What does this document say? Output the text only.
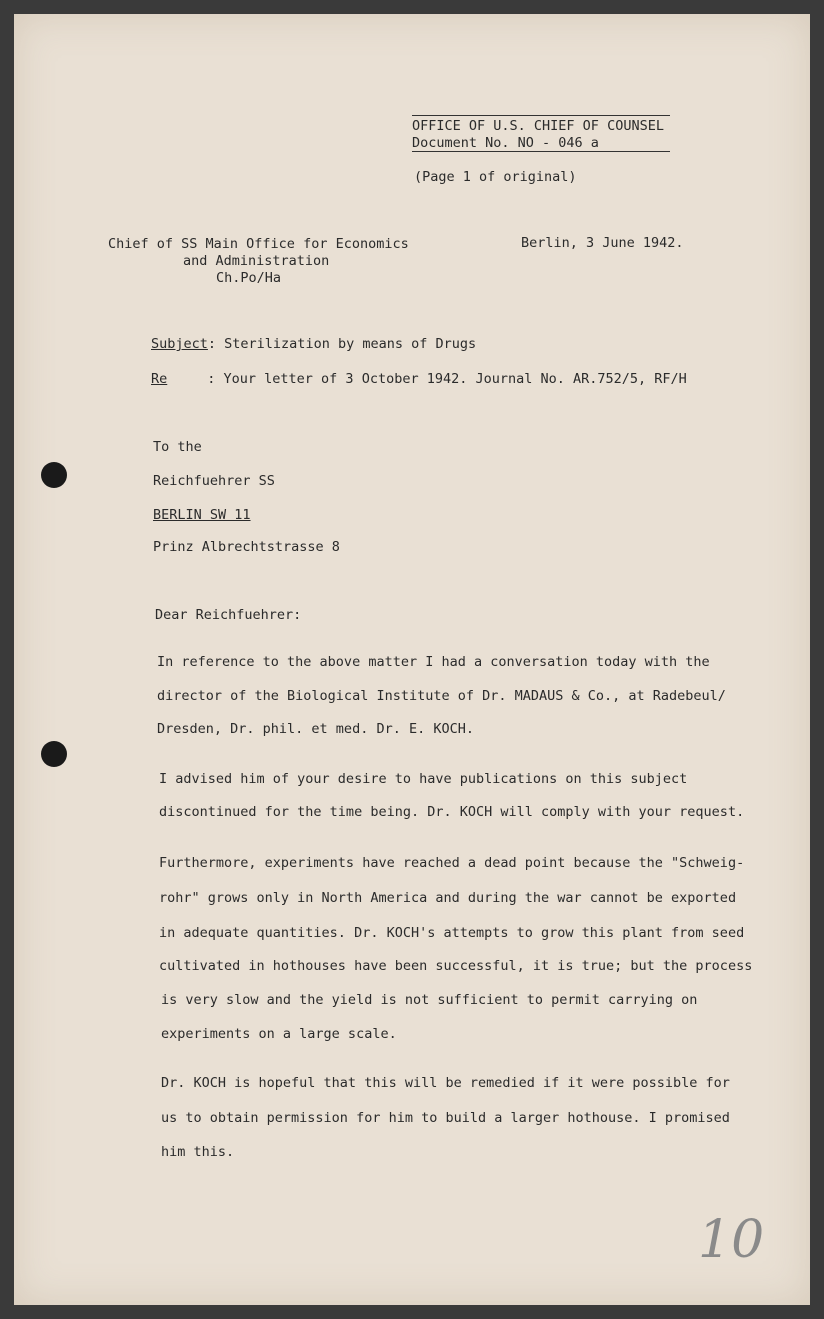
OFFICE OF U.S. CHIEF OF COUNSEL
Document No. NO - 046 a
(Page 1 of original)
Chief of SS Main Office for Economics
and Administration
Ch.Po/Ha
Berlin, 3 June 1942.
Subject: Sterilization by means of Drugs
Re	: Your letter of 3 October 1942. Journal No. AR.752/5, RF/H
To the
Reichfuehrer SS
BERLIN SW 11
Prinz Albrechtstrasse 8
Dear Reichfuehrer:
In reference to the above matter I had a conversation today with the
director of the Biological Institute of Dr. MADAUS & Co., at Radebeul/
Dresden, Dr. phil. et med. Dr. E. KOCH.
I advised him of your desire to have publications on this subject
discontinued for the time being. Dr. KOCH will comply with your request.
Furthermore, experiments have reached a dead point because the "Schweig-
rohr" grows only in North America and during the war cannot be exported
in adequate quantities. Dr. KOCH's attempts to grow this plant from seed
cultivated in hothouses have been successful, it is true; but the process
is very slow and the yield is not sufficient to permit carrying on
experiments on a large scale.
Dr. KOCH is hopeful that this will be remedied if it were possible for
us to obtain permission for him to build a larger hothouse. I promised
him this.
10
